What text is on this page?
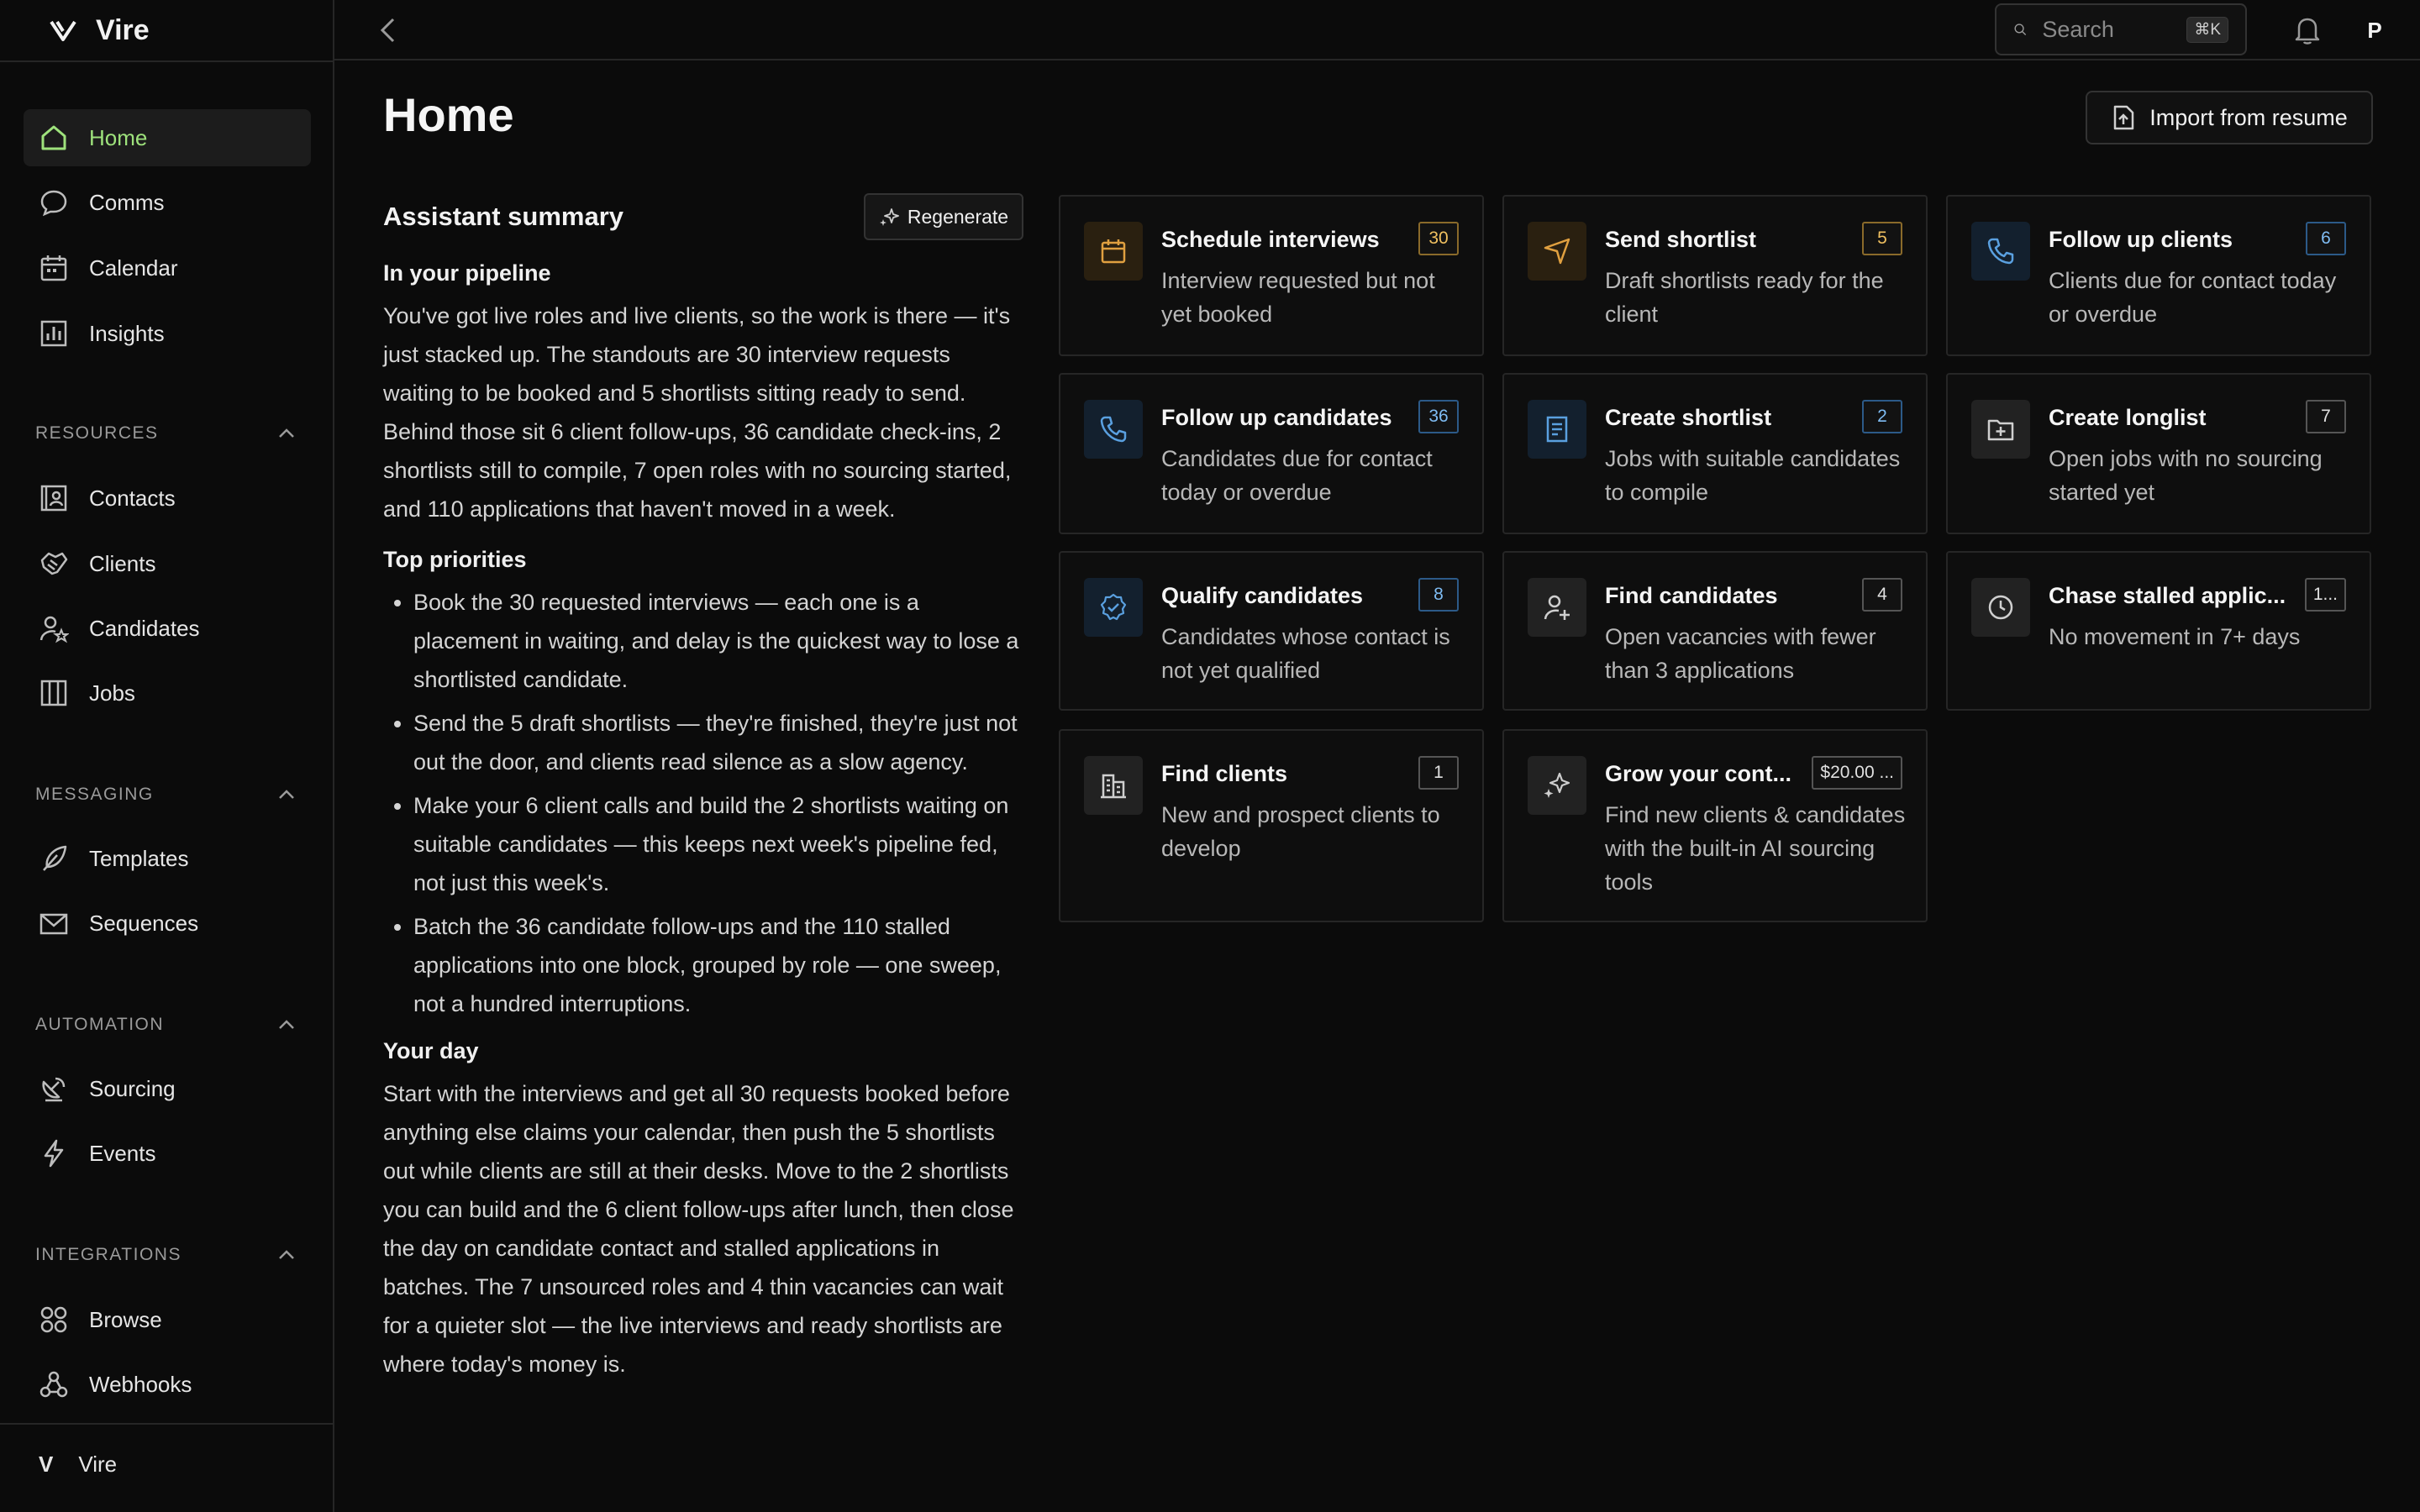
Vire
Home
Comms
Calendar
Insights
RESOURCES
Contacts
Clients
Candidates
Jobs
MESSAGING
Templates
Sequences
AUTOMATION
Sourcing
Events
INTEGRATIONS
Browse
Webhooks
V Vire
Search
⌘K	P
Home	Import from resume
Assistant summary	Regenerate
In your pipeline

You've got live roles and live clients, so the work is there — it's just stacked up. The standouts are 30 interview requests waiting to be booked and 5 shortlists sitting ready to send. Behind those sit 6 client follow-ups, 36 candidate check-ins, 2 shortlists still to compile, 7 open roles with no sourcing started, and 110 applications that haven't moved in a week.

Top priorities
• Book the 30 requested interviews — each one is a placement in waiting, and delay is the quickest way to lose a shortlisted candidate.
• Send the 5 draft shortlists — they're finished, they're just not out the door, and clients read silence as a slow agency.
• Make your 6 client calls and build the 2 shortlists waiting on suitable candidates — this keeps next week's pipeline fed, not just this week's.
• Batch the 36 candidate follow-ups and the 110 stalled applications into one block, grouped by role — one sweep, not a hundred interruptions.
Your day

Start with the interviews and get all 30 requests booked before anything else claims your calendar, then push the 5 shortlists out while clients are still at their desks. Move to the 2 shortlists you can build and the 6 client follow-ups after lunch, then close the day on candidate contact and stalled applications in batches. The 7 unsourced roles and 4 thin vacancies can wait for a quieter slot — the live interviews and ready shortlists are where today's money is.

Schedule interviews	30
Interview requested but not yet booked
Send shortlist	5
Draft shortlists ready for the client
Follow up clients	6
Clients due for contact today or overdue
Follow up candidates	36
Candidates due for contact today or overdue
Create shortlist	2
Jobs with suitable candidates to compile
Create longlist	7
Open jobs with no sourcing started yet
Qualify candidates	8
Candidates whose contact is not yet qualified
Find candidates	4
Open vacancies with fewer than 3 applications
Chase stalled applic...	1...
No movement in 7+ days
Find clients	1
New and prospect clients to develop
Grow your cont...	$20.00 ...
Find new clients & candidates with the built-in AI sourcing tools
